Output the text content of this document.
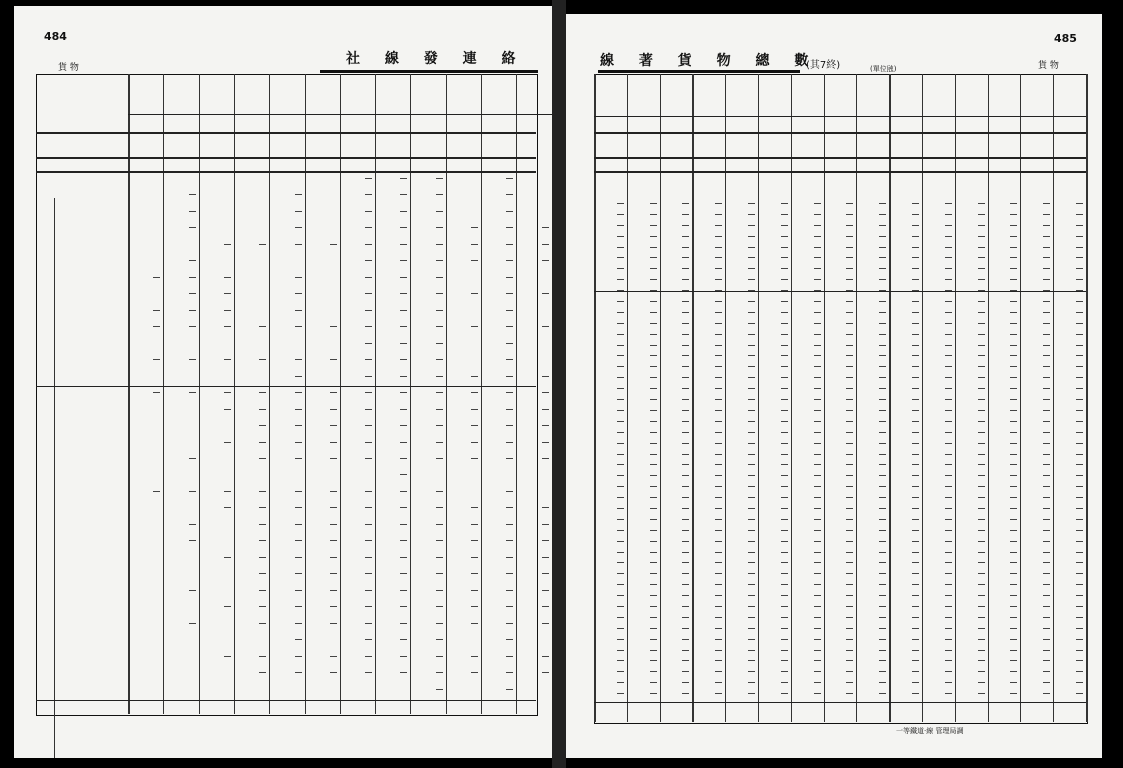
484
貨 物
社 線 發 連 絡
485
貨 物
線 著 貨 物 總 數
(其7終)	(單位瓲)
一等鐵道·線 管理局調
